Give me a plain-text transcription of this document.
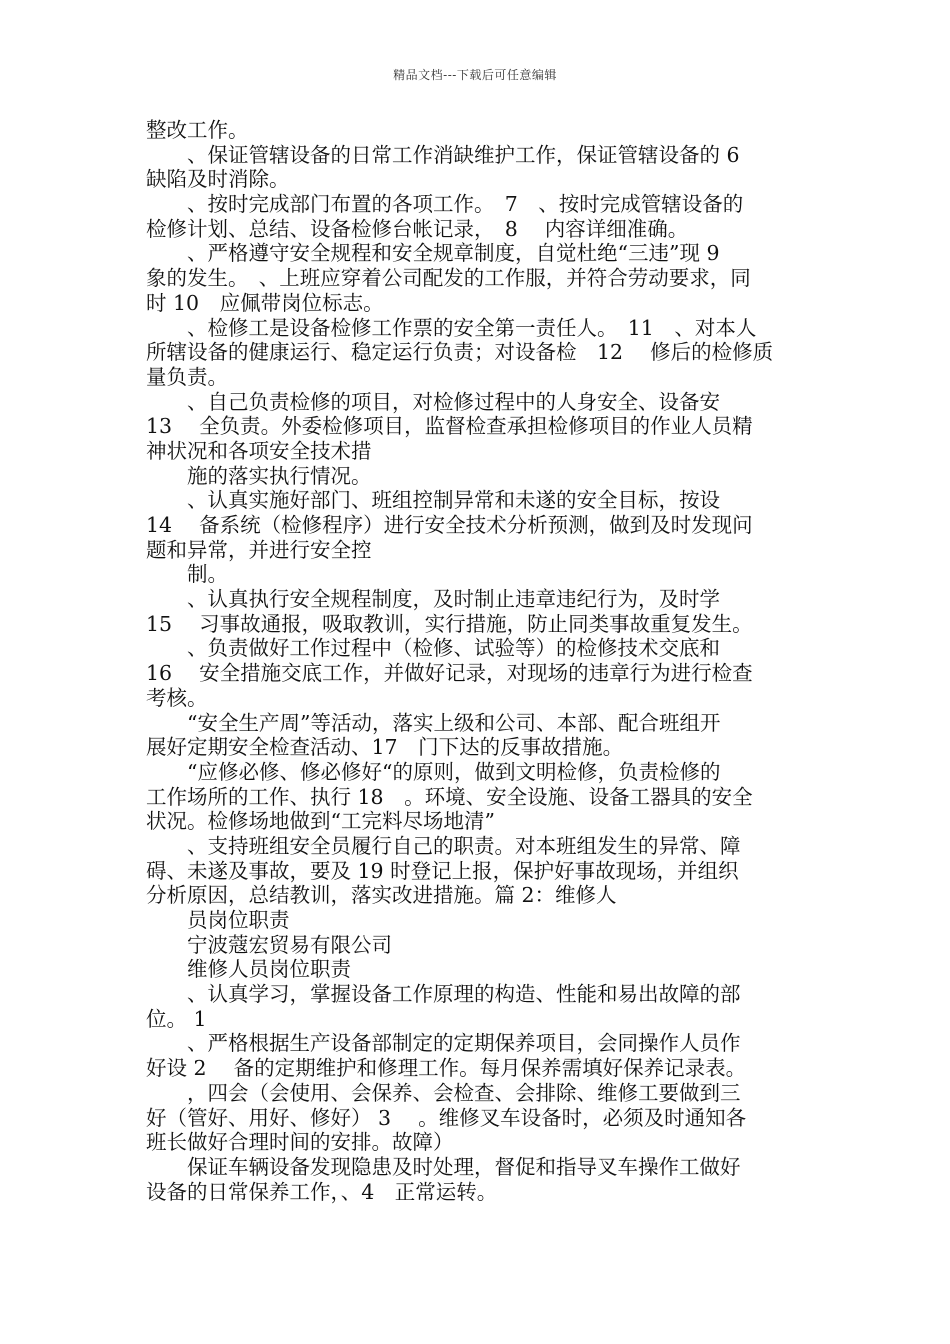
精品文档---下载后可任意编辑
整改工作。
　　、保证管辖设备的日常工作消缺维护工作，保证管辖设备的 6
缺陷及时消除。
　　、按时完成部门布置的各项工作。　7　、按时完成管辖设备的
检修计划、总结、设备检修台帐记录，　8　 内容详细准确。
　　、严格遵守安全规程和安全规章制度，自觉杜绝“三违”现 9
象的发生。　、上班应穿着公司配发的工作服，并符合劳动要求，同
时 10　应佩带岗位标志。
　　、检修工是设备检修工作票的安全第一责任人。　11　、对本人
所辖设备的健康运行、稳定运行负责；对设备检　12　 修后的检修质
量负责。
　　、自己负责检修的项目，对检修过程中的人身安全、设备安
13　 全负责。外委检修项目，监督检查承担检修项目的作业人员精
神状况和各项安全技术措
　　施的落实执行情况。
　　、认真实施好部门、班组控制异常和未遂的安全目标，按设
14　 备系统（检修程序）进行安全技术分析预测，做到及时发现问
题和异常，并进行安全控
　　制。
　　、认真执行安全规程制度，及时制止违章违纪行为，及时学
15　 习事故通报，吸取教训，实行措施，防止同类事故重复发生。
　　、负责做好工作过程中（检修、试验等）的检修技术交底和
16　 安全措施交底工作，并做好记录，对现场的违章行为进行检查
考核。
　　“安全生产周”等活动，落实上级和公司、本部、配合班组开
展好定期安全检查活动、17　门下达的反事故措施。
　　“应修必修、修必修好“的原则，做到文明检修，负责检修的
工作场所的工作、执行 18　。环境、安全设施、设备工器具的安全
状况。检修场地做到“工完料尽场地清”
　　、支持班组安全员履行自己的职责。对本班组发生的异常、障
碍、未遂及事故，要及 19 时登记上报，保护好事故现场，并组织
分析原因，总结教训，落实改进措施。篇 2：维修人
　　员岗位职责
　　宁波蔻宏贸易有限公司
　　维修人员岗位职责
　　、认真学习，掌握设备工作原理的构造、性能和易出故障的部
位。 1
　　、严格根据生产设备部制定的定期保养项目，会同操作人员作
好设 2　 备的定期维护和修理工作。每月保养需填好保养记录表。
　　，四会（会使用、会保养、会检查、会排除、维修工要做到三
好（管好、用好、修好） 3　 。维修叉车设备时，必须及时通知各
班长做好合理时间的安排。故障）
　　保证车辆设备发现隐患及时处理，督促和指导叉车操作工做好
设备的日常保养工作，、4　正常运转。
